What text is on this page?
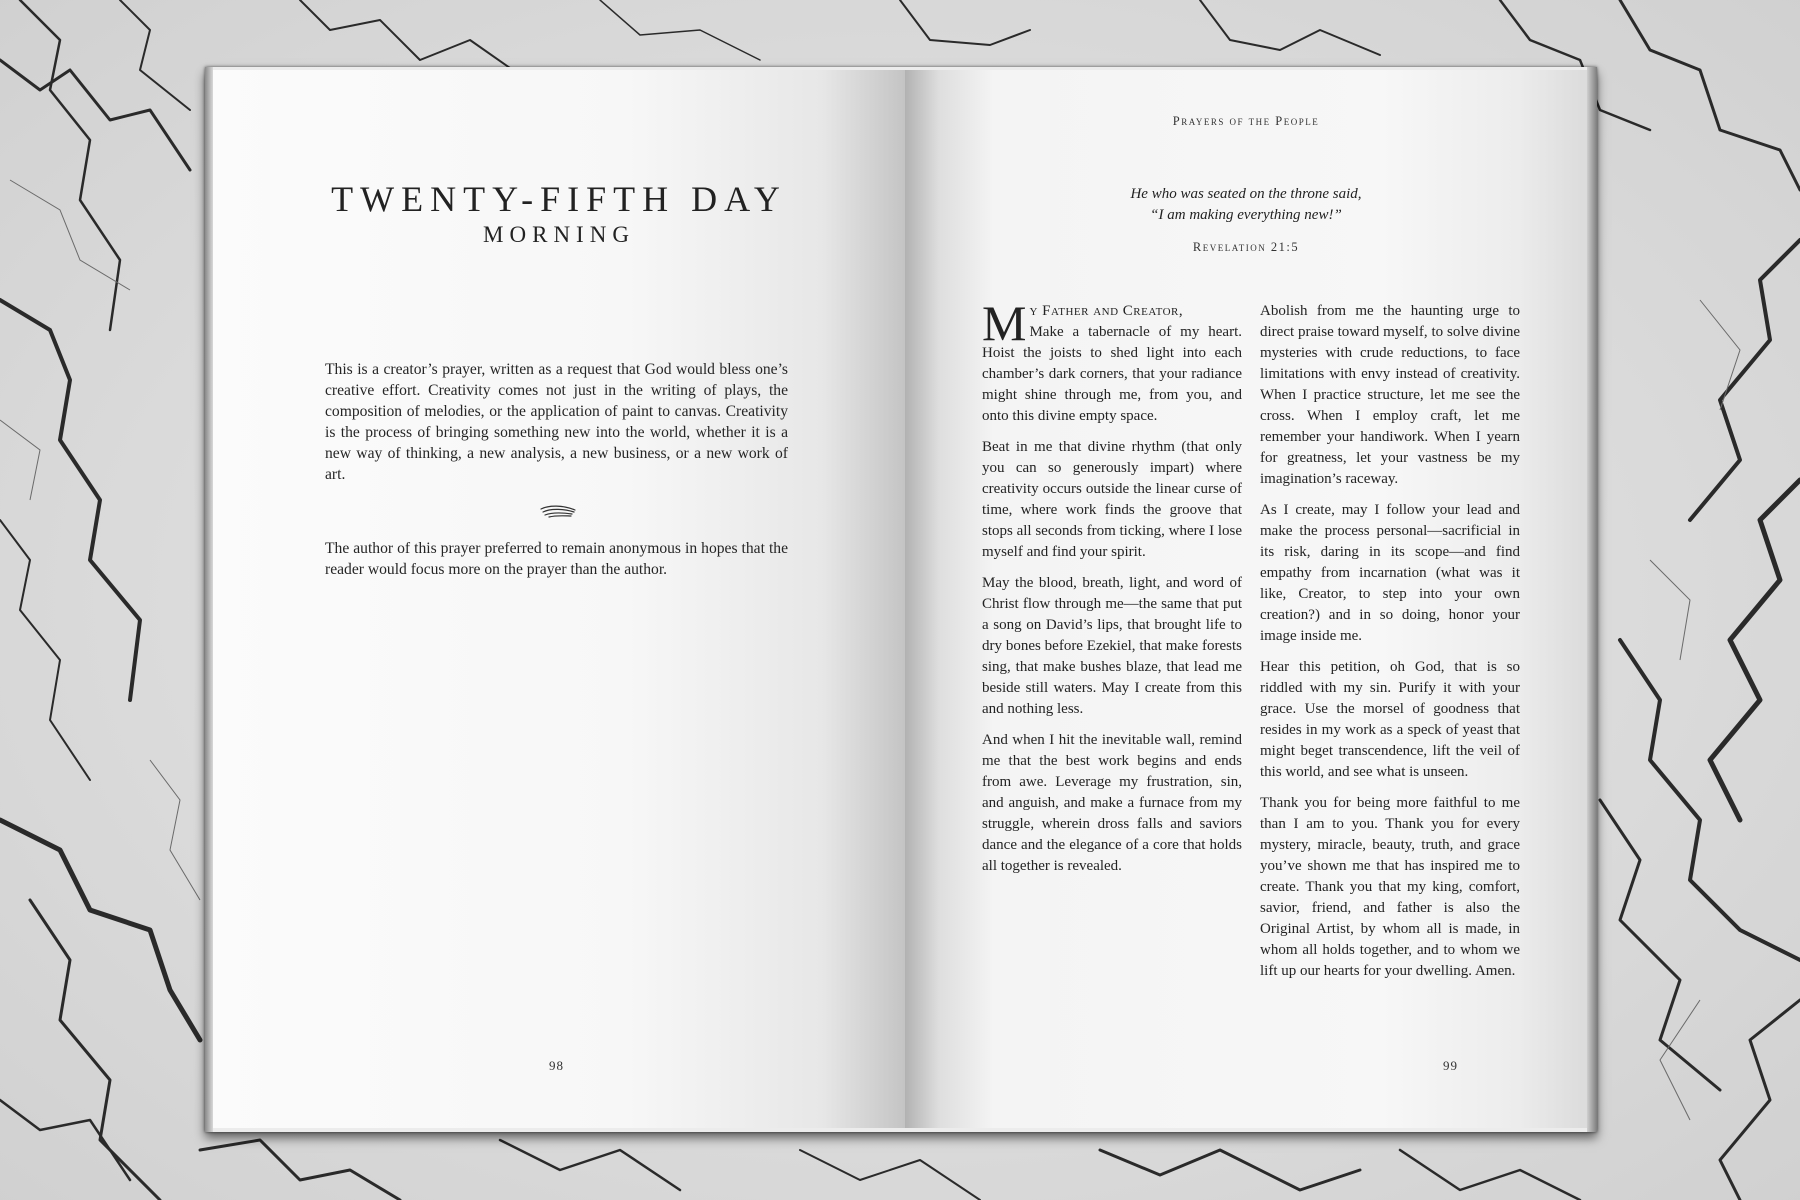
TWENTY-FIFTH DAY
MORNING

This is a creator’s prayer, written as a request that God would bless one’s creative effort. Creativity comes not just in the writing of plays, the composition of melodies, or the application of paint to canvas. Creativity is the process of bringing something new into the world, whether it is a new way of thinking, a new analysis, a new business, or a new work of art.

The author of this prayer preferred to remain anonymous in hopes that the reader would focus more on the prayer than the author.

98
Prayers of the People
He who was seated on the throne said,
“I am making everything new!”
Revelation 21:5

My Father and Creator,
Make a tabernacle of my heart. Hoist the joists to shed light into each chamber’s dark corners, that your radiance might shine through me, from you, and onto this divine empty space.

Beat in me that divine rhythm (that only you can so generously impart) where creativity occurs outside the linear curse of time, where work finds the groove that stops all seconds from ticking, where I lose myself and find your spirit.

May the blood, breath, light, and word of Christ flow through me—the same that put a song on David’s lips, that brought life to dry bones before Ezekiel, that make forests sing, that make bushes blaze, that lead me beside still waters. May I create from this and nothing less.

And when I hit the inevitable wall, remind me that the best work begins and ends from awe. Leverage my frustration, sin, and anguish, and make a furnace from my struggle, wherein dross falls and saviors dance and the elegance of a core that holds all together is revealed.

Abolish from me the haunting urge to direct praise toward myself, to solve divine mysteries with crude reductions, to face limitations with envy instead of creativity. When I practice structure, let me see the cross. When I employ craft, let me remember your handiwork. When I yearn for greatness, let your vastness be my imagination’s raceway.

As I create, may I follow your lead and make the process personal—sacrificial in its risk, daring in its scope—and find empathy from incarnation (what was it like, Creator, to step into your own creation?) and in so doing, honor your image inside me.

Hear this petition, oh God, that is so riddled with my sin. Purify it with your grace. Use the morsel of goodness that resides in my work as a speck of yeast that might beget transcendence, lift the veil of this world, and see what is unseen.

Thank you for being more faithful to me than I am to you. Thank you for every mystery, miracle, beauty, truth, and grace you’ve shown me that has inspired me to create. Thank you that my king, comfort, savior, friend, and father is also the Original Artist, by whom all is made, in whom all holds together, and to whom we lift up our hearts for your dwelling. Amen.

99
